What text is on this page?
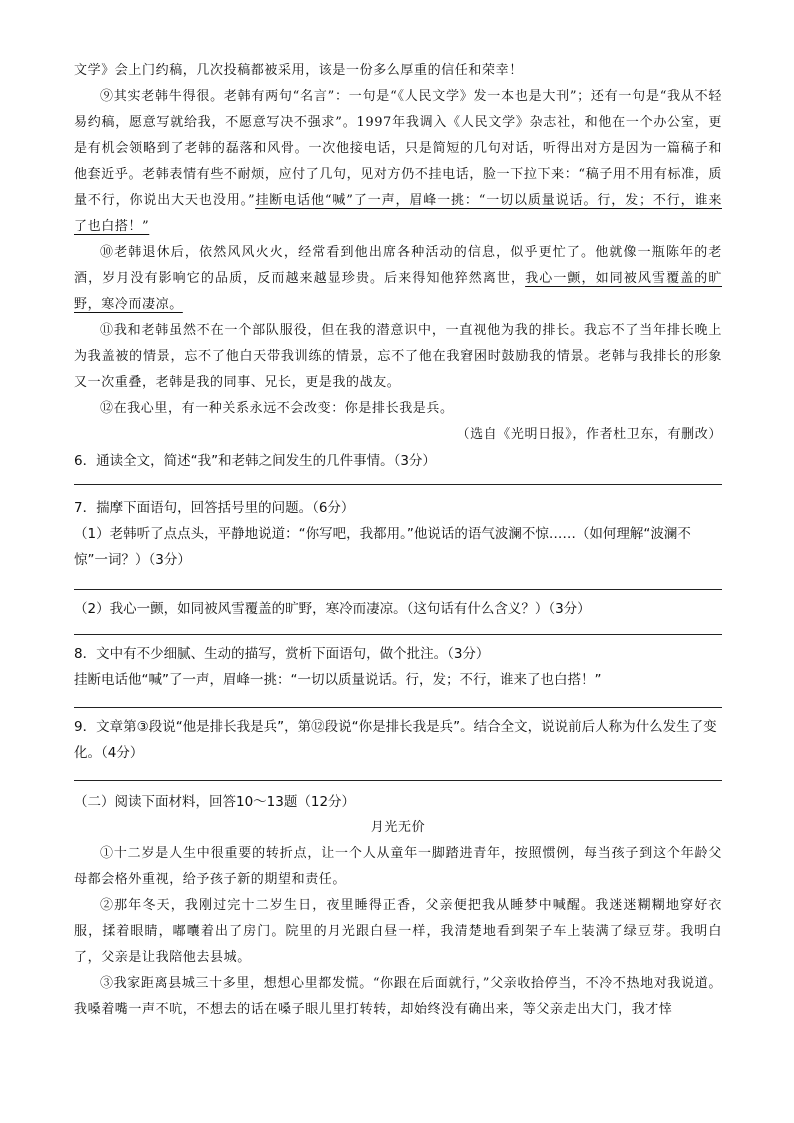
文学》会上门约稿，几次投稿都被采用，该是一份多么厚重的信任和荣幸！

⑨其实老韩牛得很。老韩有两句“名言”：一句是“《人民文学》发一本也是大刊”；还有一句是“我从不轻易约稿，愿意写就给我，不愿意写决不强求”。1997年我调入《人民文学》杂志社，和他在一个办公室，更是有机会领略到了老韩的磊落和风骨。一次他接电话，只是简短的几句对话，听得出对方是因为一篇稿子和他套近乎。老韩表情有些不耐烦，应付了几句，见对方仍不挂电话，脸一下拉下来：“稿子用不用有标准，质量不行，你说出大天也没用。”挂断电话他“喊”了一声，眉峰一挑：“一切以质量说话。行，发；不行，谁来了也白搭！”

⑩老韩退休后，依然风风火火，经常看到他出席各种活动的信息，似乎更忙了。他就像一瓶陈年的老酒，岁月没有影响它的品质，反而越来越显珍贵。后来得知他猝然离世，我心一颤，如同被风雪覆盖的旷野，寒冷而凄凉。

⑪我和老韩虽然不在一个部队服役，但在我的潜意识中，一直视他为我的排长。我忘不了当年排长晚上为我盖被的情景，忘不了他白天带我训练的情景，忘不了他在我窘困时鼓励我的情景。老韩与我排长的形象又一次重叠，老韩是我的同事、兄长，更是我的战友。

⑫在我心里，有一种关系永远不会改变：你是排长我是兵。

（选自《光明日报》，作者杜卫东，有删改）

6．通读全文，简述“我”和老韩之间发生的几件事情。（3分）

7．揣摩下面语句，回答括号里的问题。（6分）

（1）老韩听了点点头，平静地说道：“你写吧，我都用。”他说话的语气波澜不惊……（如何理解“波澜不惊”一词？）（3分）

（2）我心一颤，如同被风雪覆盖的旷野，寒冷而凄凉。（这句话有什么含义？）（3分）

8．文中有不少细腻、生动的描写，赏析下面语句，做个批注。（3分）

挂断电话他“喊”了一声，眉峰一挑：“一切以质量说话。行，发；不行，谁来了也白搭！”

9．文章第③段说“他是排长我是兵”，第⑫段说“你是排长我是兵”。结合全文，说说前后人称为什么发生了变化。（4分）

（二）阅读下面材料，回答10～13题（12分）

月光无价

①十二岁是人生中很重要的转折点，让一个人从童年一脚踏进青年，按照惯例，每当孩子到这个年龄父母都会格外重视，给予孩子新的期望和责任。

②那年冬天，我刚过完十二岁生日，夜里睡得正香，父亲便把我从睡梦中喊醒。我迷迷糊糊地穿好衣服，揉着眼睛，嘟囔着出了房门。院里的月光跟白昼一样，我清楚地看到架子车上装满了绿豆芽。我明白了，父亲是让我陪他去县城。

③我家距离县城三十多里，想想心里都发慌。“你跟在后面就行，”父亲收拾停当，不冷不热地对我说道。我嗓着嘴一声不吭，不想去的话在嗓子眼儿里打转转，却始终没有确出来，等父亲走出大门，我才悻
